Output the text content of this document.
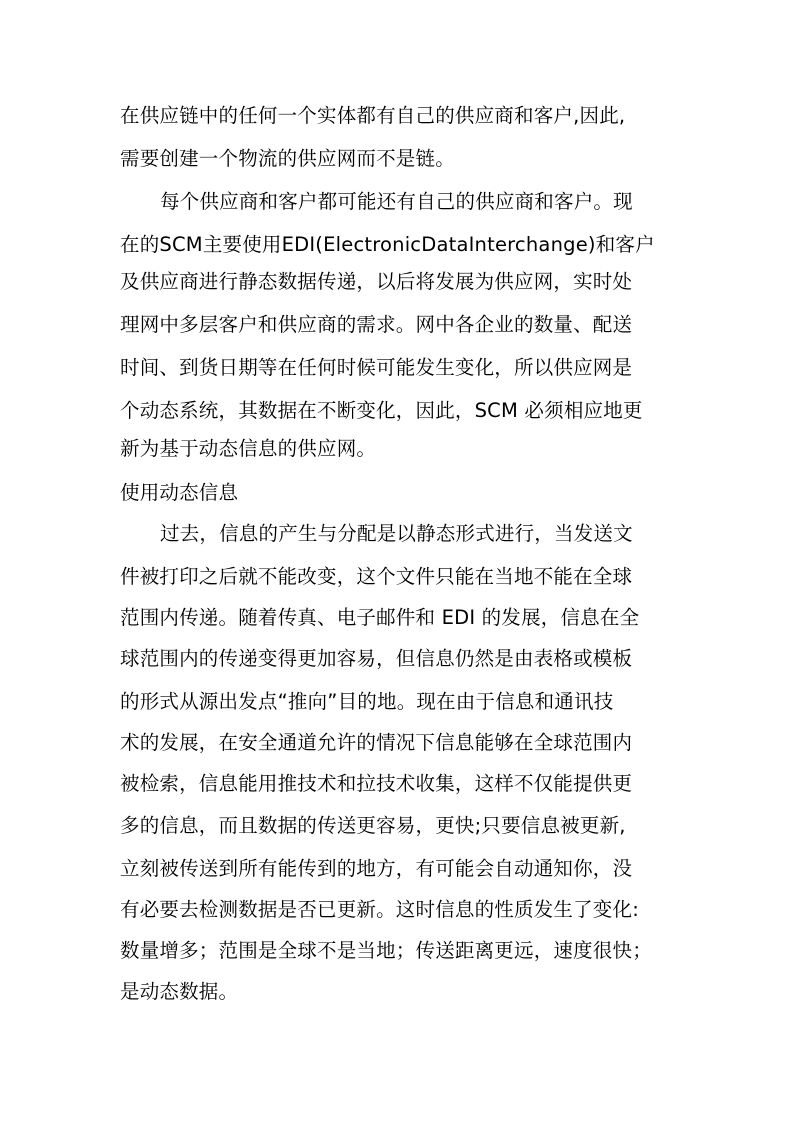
在供应链中的任何一个实体都有自己的供应商和客户,因此,
需要创建一个物流的供应网而不是链。
每个供应商和客户都可能还有自己的供应商和客户。现
在的SCM主要使用EDI(ElectronicDataInterchange)和客户
及供应商进行静态数据传递，以后将发展为供应网，实时处
理网中多层客户和供应商的需求。网中各企业的数量、配送
时间、到货日期等在任何时候可能发生变化，所以供应网是
个动态系统，其数据在不断变化，因此，SCM 必须相应地更
新为基于动态信息的供应网。
使用动态信息
过去，信息的产生与分配是以静态形式进行，当发送文
件被打印之后就不能改变，这个文件只能在当地不能在全球
范围内传递。随着传真、电子邮件和 EDI 的发展，信息在全
球范围内的传递变得更加容易，但信息仍然是由表格或模板
的形式从源出发点“推向”目的地。现在由于信息和通讯技
术的发展，在安全通道允许的情况下信息能够在全球范围内
被检索，信息能用推技术和拉技术收集，这样不仅能提供更
多的信息，而且数据的传送更容易，更快;只要信息被更新,
立刻被传送到所有能传到的地方，有可能会自动通知你，没
有必要去检测数据是否已更新。这时信息的性质发生了变化:
数量增多；范围是全球不是当地；传送距离更远，速度很快；
是动态数据。
